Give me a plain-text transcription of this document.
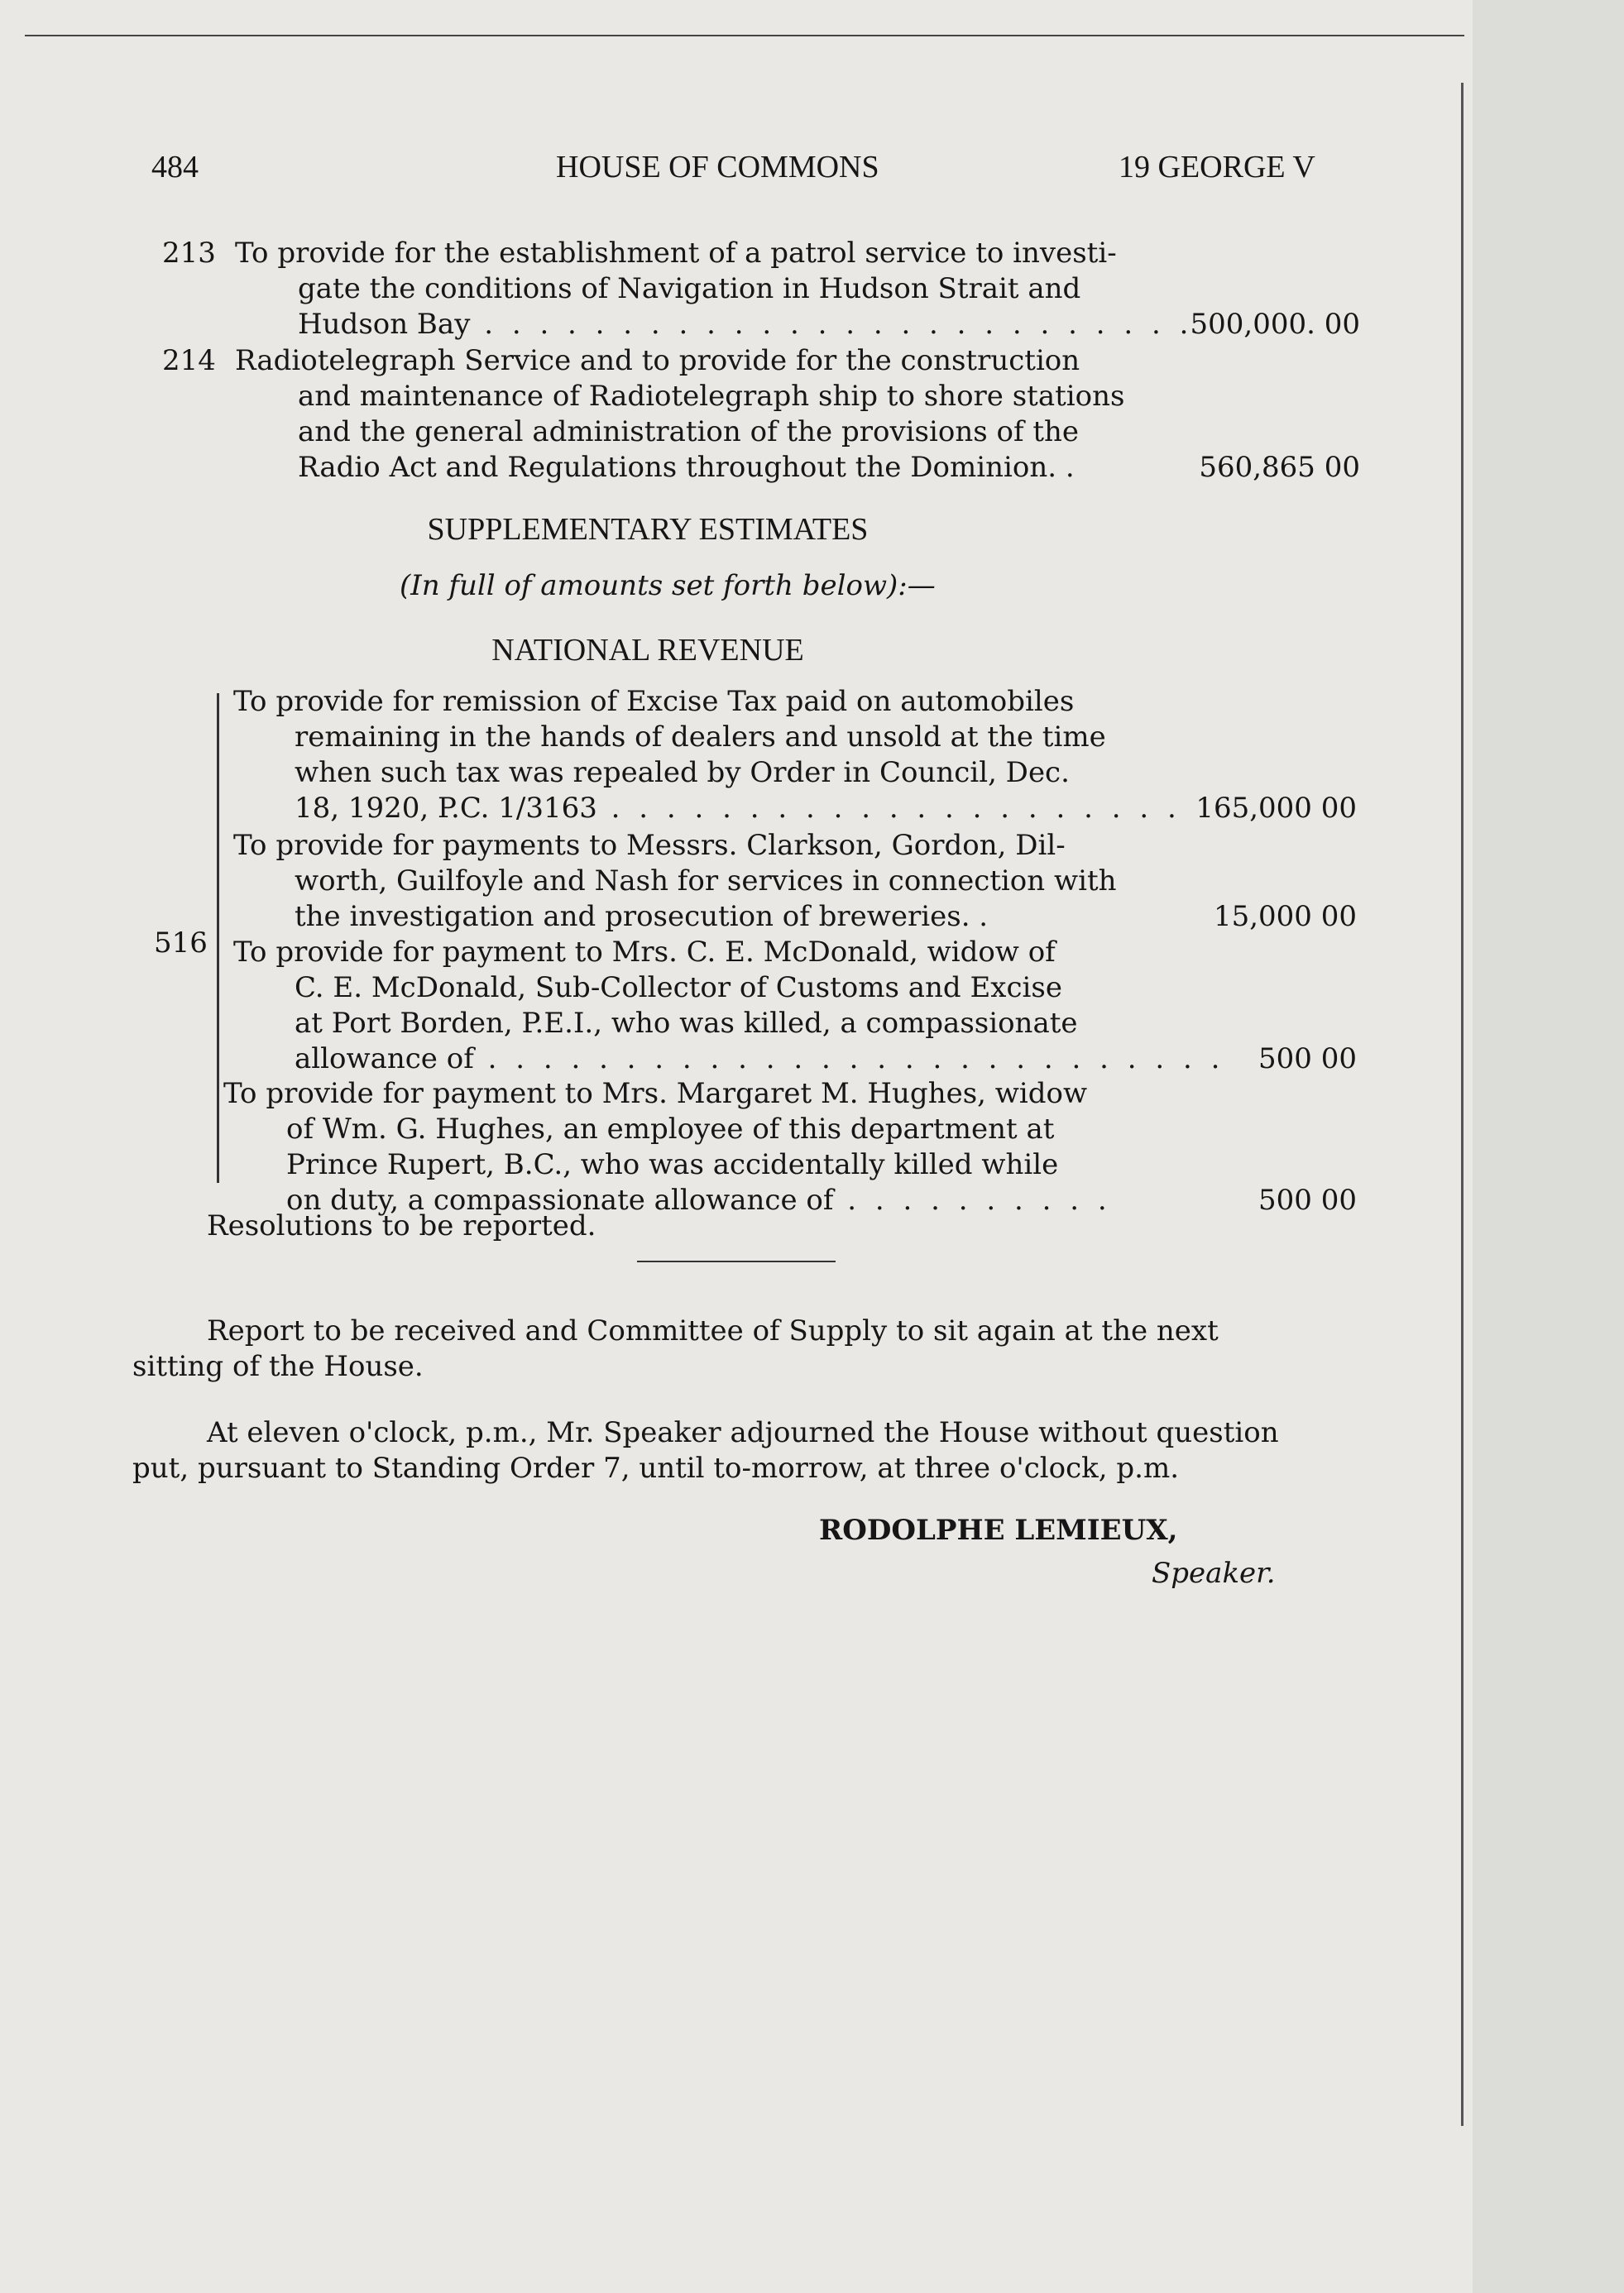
484	HOUSE OF COMMONS	19 GEORGE V
213 To provide for the establishment of a patrol service to investi-
gate the conditions of Navigation in Hudson Strait and
Hudson Bay . . . . . . . . . . . . . . . . . . . . . . . . . .
500,000. 00
214 Radiotelegraph Service and to provide for the construction
and maintenance of Radiotelegraph ship to shore stations
and the general administration of the provisions of the
Radio Act and Regulations throughout the Dominion. .	560,865 00
SUPPLEMENTARY ESTIMATES
(In full of amounts set forth below):—
NATIONAL REVENUE
516
To provide for remission of Excise Tax paid on automobiles
remaining in the hands of dealers and unsold at the time
when such tax was repealed by Order in Council, Dec.
18, 1920, P.C. 1/3163 . . . . . . . . . . . . . . . . . . . . . 165,000 00
To provide for payments to Messrs. Clarkson, Gordon, Dil-
worth, Guilfoyle and Nash for services in connection with
the investigation and prosecution of breweries. .	15,000 00
To provide for payment to Mrs. C. E. McDonald, widow of
C. E. McDonald, Sub-Collector of Customs and Excise
at Port Borden, P.E.I., who was killed, a compassionate
allowance of . . . . . . . . . . . . . . . . . . . . . . . . . . .	500 00
To provide for payment to Mrs. Margaret M. Hughes, widow
of Wm. G. Hughes, an employee of this department at
Prince Rupert, B.C., who was accidentally killed while
on duty, a compassionate allowance of . . . . . . . . . .	500 00
Resolutions to be reported.
Report to be received and Committee of Supply to sit again at the next
sitting of the House.
At eleven o'clock, p.m., Mr. Speaker adjourned the House without question
put, pursuant to Standing Order 7, until to-morrow, at three o'clock, p.m.
RODOLPHE LEMIEUX,
Speaker.
